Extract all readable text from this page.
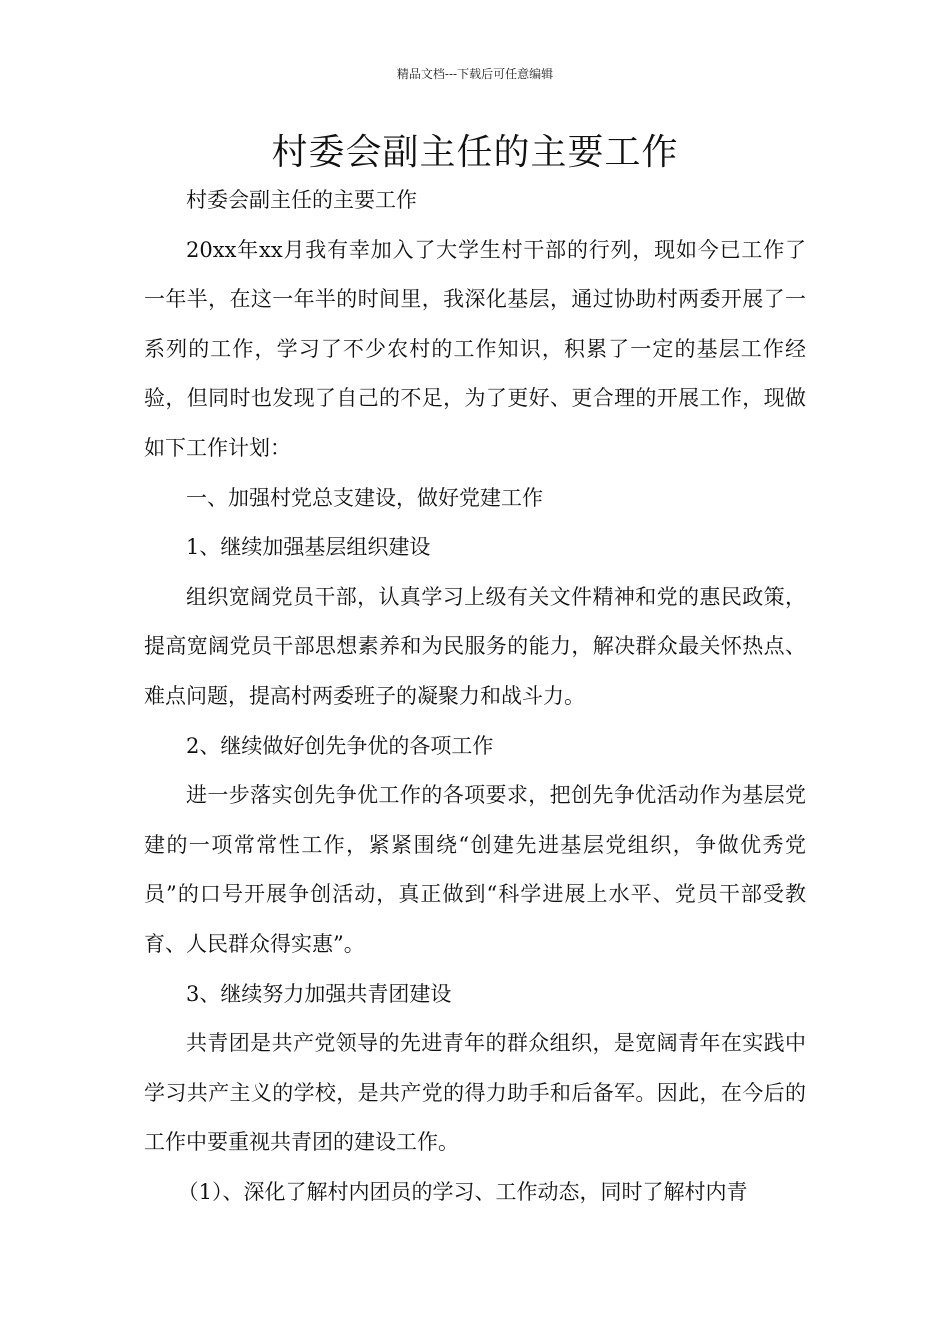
精品文档---下载后可任意编辑
村委会副主任的主要工作

村委会副主任的主要工作

20xx年xx月我有幸加入了大学生村干部的行列，现如今已工作了一年半，在这一年半的时间里，我深化基层，通过协助村两委开展了一系列的工作，学习了不少农村的工作知识，积累了一定的基层工作经验，但同时也发现了自己的不足，为了更好、更合理的开展工作，现做如下工作计划：

一、加强村党总支建设，做好党建工作

1、继续加强基层组织建设

组织宽阔党员干部，认真学习上级有关文件精神和党的惠民政策，提高宽阔党员干部思想素养和为民服务的能力，解决群众最关怀热点、难点问题，提高村两委班子的凝聚力和战斗力。

2、继续做好创先争优的各项工作

进一步落实创先争优工作的各项要求，把创先争优活动作为基层党建的一项常常性工作，紧紧围绕“创建先进基层党组织，争做优秀党员”的口号开展争创活动，真正做到“科学进展上水平、党员干部受教育、人民群众得实惠”。

3、继续努力加强共青团建设

共青团是共产党领导的先进青年的群众组织，是宽阔青年在实践中学习共产主义的学校，是共产党的得力助手和后备军。因此，在今后的工作中要重视共青团的建设工作。

（1）、深化了解村内团员的学习、工作动态，同时了解村内青
